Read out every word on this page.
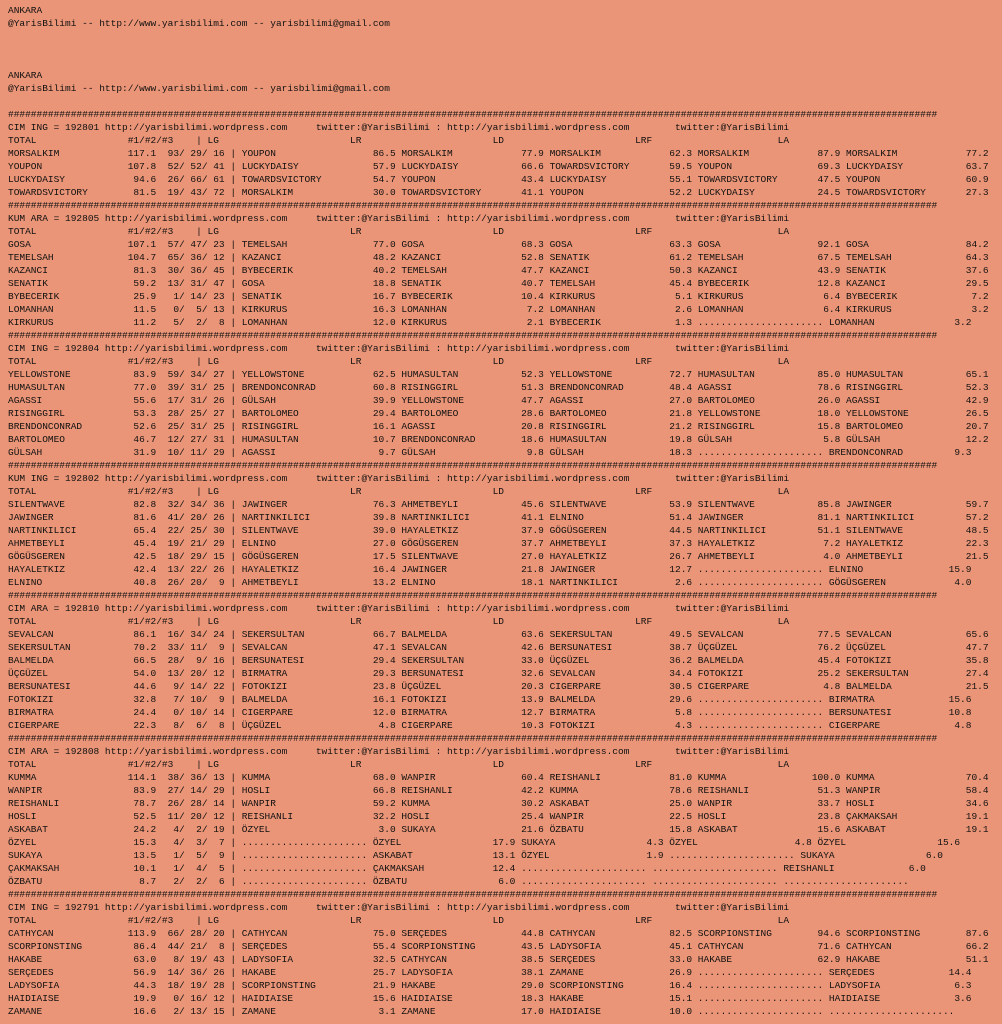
ANKARA
@YarisBilimi -- http://www.yarisbilimi.com -- yarisbilimi@gmail.com
ANKARA
@YarisBilimi -- http://www.yarisbilimi.com -- yarisbilimi@gmail.com
###################################################################################################################################################################
CIM ING = 192801 http://yarisbilimi.wordpress.com     twitter:@YarisBilimi : http://yarisbilimi.wordpress.com        twitter:@YarisBilimi
TOTAL                #1/#2/#3    | LG                       LR                       LD                       LRF                      LA
MORSALKIM            117.1  93/ 29/ 16 | YOUPON                 86.5 MORSALKIM            77.9 MORSALKIM            62.3 MORSALKIM            87.9 MORSALKIM            77.2
YOUPON               107.8  52/ 52/ 41 | LUCKYDAISY             57.9 LUCKYDAISY           66.6 TOWARDSVICTORY       59.5 YOUPON               69.3 LUCKYDAISY           63.7
LUCKYDAISY            94.6  26/ 66/ 61 | TOWARDSVICTORY         54.7 YOUPON               43.4 LUCKYDAISY           55.1 TOWARDSVICTORY       47.5 YOUPON               60.9
TOWARDSVICTORY        81.5  19/ 43/ 72 | MORSALKIM              30.0 TOWARDSVICTORY       41.1 YOUPON               52.2 LUCKYDAISY           24.5 TOWARDSVICTORY       27.3
###################################################################################################################################################################
KUM ARA = 192805 http://yarisbilimi.wordpress.com     twitter:@YarisBilimi : http://yarisbilimi.wordpress.com        twitter:@YarisBilimi
TOTAL                #1/#2/#3    | LG                       LR                       LD                       LRF                      LA
GOSA                 107.1  57/ 47/ 23 | TEMELSAH               77.0 GOSA                 68.3 GOSA                 63.3 GOSA                 92.1 GOSA                 84.2
TEMELSAH             104.7  65/ 36/ 12 | KAZANCI                48.2 KAZANCI              52.8 SENATIK              61.2 TEMELSAH             67.5 TEMELSAH             64.3
KAZANCI               81.3  30/ 36/ 45 | BYBECERIK              40.2 TEMELSAH             47.7 KAZANCI              50.3 KAZANCI              43.9 SENATIK              37.6
SENATIK               59.2  13/ 31/ 47 | GOSA                   18.8 SENATIK              40.7 TEMELSAH             45.4 BYBECERIK            12.8 KAZANCI              29.5
BYBECERIK             25.9   1/ 14/ 23 | SENATIK                16.7 BYBECERIK            10.4 KIRKURUS              5.1 KIRKURUS              6.4 BYBECERIK             7.2
LOMANHAN              11.5   0/  5/ 13 | KIRKURUS               16.3 LOMANHAN              7.2 LOMANHAN              2.6 LOMANHAN              6.4 KIRKURUS              3.2
KIRKURUS              11.2   5/  2/  8 | LOMANHAN               12.0 KIRKURUS              2.1 BYBECERIK             1.3 ...................... LOMANHAN              3.2
###################################################################################################################################################################
CIM ING = 192804 http://yarisbilimi.wordpress.com     twitter:@YarisBilimi : http://yarisbilimi.wordpress.com        twitter:@YarisBilimi
TOTAL                #1/#2/#3    | LG                       LR                       LD                       LRF                      LA
YELLOWSTONE           83.9  59/ 34/ 27 | YELLOWSTONE            62.5 HUMASULTAN           52.3 YELLOWSTONE          72.7 HUMASULTAN           85.0 HUMASULTAN           65.1
HUMASULTAN            77.0  39/ 31/ 25 | BRENDONCONRAD          60.8 RISINGGIRL           51.3 BRENDONCONRAD        48.4 AGASSI               78.6 RISINGGIRL           52.3
AGASSI                55.6  17/ 31/ 26 | GÜLSAH                 39.9 YELLOWSTONE          47.7 AGASSI               27.0 BARTOLOMEO           26.0 AGASSI               42.9
RISINGGIRL            53.3  28/ 25/ 27 | BARTOLOMEO             29.4 BARTOLOMEO           28.6 BARTOLOMEO           21.8 YELLOWSTONE          18.0 YELLOWSTONE          26.5
BRENDONCONRAD         52.6  25/ 31/ 25 | RISINGGIRL             16.1 AGASSI               20.8 RISINGGIRL           21.2 RISINGGIRL           15.8 BARTOLOMEO           20.7
BARTOLOMEO            46.7  12/ 27/ 31 | HUMASULTAN             10.7 BRENDONCONRAD        18.6 HUMASULTAN           19.8 GÜLSAH                5.8 GÜLSAH               12.2
GÜLSAH                31.9  10/ 11/ 29 | AGASSI                  9.7 GÜLSAH                9.8 GÜLSAH               18.3 ...................... BRENDONCONRAD         9.3
###################################################################################################################################################################
KUM ING = 192802 http://yarisbilimi.wordpress.com     twitter:@YarisBilimi : http://yarisbilimi.wordpress.com        twitter:@YarisBilimi
TOTAL                #1/#2/#3    | LG                       LR                       LD                       LRF                      LA
SILENTWAVE            82.8  32/ 34/ 36 | JAWINGER               76.3 AHMETBEYLI           45.6 SILENTWAVE           53.9 SILENTWAVE           85.8 JAWINGER             59.7
JAWINGER              81.6  41/ 20/ 26 | NARTINKILICI           39.8 NARTINKILICI         41.1 ELNINO               51.4 JAWINGER             81.1 NARTINKILICI         57.2
NARTINKILICI          65.4  22/ 25/ 30 | SILENTWAVE             39.0 HAYALETKIZ           37.9 GÖGÜSGEREN           44.5 NARTINKILICI         51.1 SILENTWAVE           48.5
AHMETBEYLI            45.4  19/ 21/ 29 | ELNINO                 27.0 GÖGÜSGEREN           37.7 AHMETBEYLI           37.3 HAYALETKIZ            7.2 HAYALETKIZ           22.3
GÖGÜSGEREN            42.5  18/ 29/ 15 | GÖGÜSGEREN             17.5 SILENTWAVE           27.0 HAYALETKIZ           26.7 AHMETBEYLI            4.0 AHMETBEYLI           21.5
HAYALETKIZ            42.4  13/ 22/ 26 | HAYALETKIZ             16.4 JAWINGER             21.8 JAWINGER             12.7 ...................... ELNINO               15.9
ELNINO                40.8  26/ 20/  9 | AHMETBEYLI             13.2 ELNINO               18.1 NARTINKILICI          2.6 ...................... GÖGÜSGEREN            4.0
###################################################################################################################################################################
CIM ARA = 192810 http://yarisbilimi.wordpress.com     twitter:@YarisBilimi : http://yarisbilimi.wordpress.com        twitter:@YarisBilimi
TOTAL                #1/#2/#3    | LG                       LR                       LD                       LRF                      LA
SEVALCAN              86.1  16/ 34/ 24 | SEKERSULTAN            66.7 BALMELDA             63.6 SEKERSULTAN          49.5 SEVALCAN             77.5 SEVALCAN             65.6
SEKERSULTAN           70.2  33/ 11/  9 | SEVALCAN               47.1 SEVALCAN             42.6 BERSUNATESI          38.7 ÜÇGÜZEL              76.2 ÜÇGÜZEL              47.7
BALMELDA              66.5  28/  9/ 16 | BERSUNATESI            29.4 SEKERSULTAN          33.0 ÜÇGÜZEL              36.2 BALMELDA             45.4 FOTOKIZI             35.8
ÜÇGÜZEL               54.0  13/ 20/ 12 | BIRMATRA               29.3 BERSUNATESI          32.6 SEVALCAN             34.4 FOTOKIZI             25.2 SEKERSULTAN          27.4
BERSUNATESI           44.6   9/ 14/ 22 | FOTOKIZI               23.8 ÜÇGÜZEL              20.3 CIGERPARE            30.5 CIGERPARE             4.8 BALMELDA             21.5
FOTOKIZI              32.8   7/ 10/  9 | BALMELDA               16.1 FOTOKIZI             13.9 BALMELDA             29.6 ...................... BIRMATRA             15.6
BIRMATRA              24.4   0/ 10/ 14 | CIGERPARE              12.0 BIRMATRA             12.7 BIRMATRA              5.8 ...................... BERSUNATESI          10.8
CIGERPARE             22.3   8/  6/  8 | ÜÇGÜZEL                 4.8 CIGERPARE            10.3 FOTOKIZI              4.3 ...................... CIGERPARE             4.8
###################################################################################################################################################################
CIM ARA = 192808 http://yarisbilimi.wordpress.com     twitter:@YarisBilimi : http://yarisbilimi.wordpress.com        twitter:@YarisBilimi
TOTAL                #1/#2/#3    | LG                       LR                       LD                       LRF                      LA
KUMMA                114.1  38/ 36/ 13 | KUMMA                  68.0 WANPIR               60.4 REISHANLI            81.0 KUMMA               100.0 KUMMA                70.4
WANPIR                83.9  27/ 14/ 29 | HOSLI                  66.8 REISHANLI            42.2 KUMMA                78.6 REISHANLI            51.3 WANPIR               58.4
REISHANLI             78.7  26/ 28/ 14 | WANPIR                 59.2 KUMMA                30.2 ASKABAT              25.0 WANPIR               33.7 HOSLI                34.6
HOSLI                 52.5  11/ 20/ 12 | REISHANLI              32.2 HOSLI                25.4 WANPIR               22.5 HOSLI                23.8 ÇAKMAKSAH            19.1
ASKABAT               24.2   4/  2/ 19 | ÖZYEL                   3.0 SUKAYA               21.6 ÖZBATU               15.8 ASKABAT              15.6 ASKABAT              19.1
ÖZYEL                 15.3   4/  3/  7 | ...................... ÖZYEL                17.9 SUKAYA                4.3 ÖZYEL                 4.8 ÖZYEL                15.6
SUKAYA                13.5   1/  5/  9 | ...................... ASKABAT              13.1 ÖZYEL                 1.9 ...................... SUKAYA                6.0
ÇAKMAKSAH             10.1   1/  4/  5 | ...................... ÇAKMAKSAH            12.4 ...................... ...................... REISHANLI             6.0
ÖZBATU                 8.7   2/  2/  6 | ...................... ÖZBATU                6.0 ...................... ...................... ......................
###################################################################################################################################################################
CIM ING = 192791 http://yarisbilimi.wordpress.com     twitter:@YarisBilimi : http://yarisbilimi.wordpress.com        twitter:@YarisBilimi
TOTAL                #1/#2/#3    | LG                       LR                       LD                       LRF                      LA
CATHYCAN             113.9  66/ 28/ 20 | CATHYCAN               75.0 SERÇEDES             44.8 CATHYCAN             82.5 SCORPIONSTING        94.6 SCORPIONSTING        87.6
SCORPIONSTING         86.4  44/ 21/  8 | SERÇEDES               55.4 SCORPIONSTING        43.5 LADYSOFIA            45.1 CATHYCAN             71.6 CATHYCAN             66.2
HAKABE                63.0   8/ 19/ 43 | LADYSOFIA              32.5 CATHYCAN             38.5 SERÇEDES             33.0 HAKABE               62.9 HAKABE               51.1
SERÇEDES              56.9  14/ 36/ 26 | HAKABE                 25.7 LADYSOFIA            38.1 ZAMANE               26.9 ...................... SERÇEDES             14.4
LADYSOFIA             44.3  18/ 19/ 28 | SCORPIONSTING          21.9 HAKABE               29.0 SCORPIONSTING        16.4 ...................... LADYSOFIA             6.3
HAIDIAISE             19.9   0/ 16/ 12 | HAIDIAISE              15.6 HAIDIAISE            18.3 HAKABE               15.1 ...................... HAIDIAISE             3.6
ZAMANE                16.6   2/ 13/ 15 | ZAMANE                  3.1 ZAMANE               17.0 HAIDIAISE            10.0 ...................... ......................
